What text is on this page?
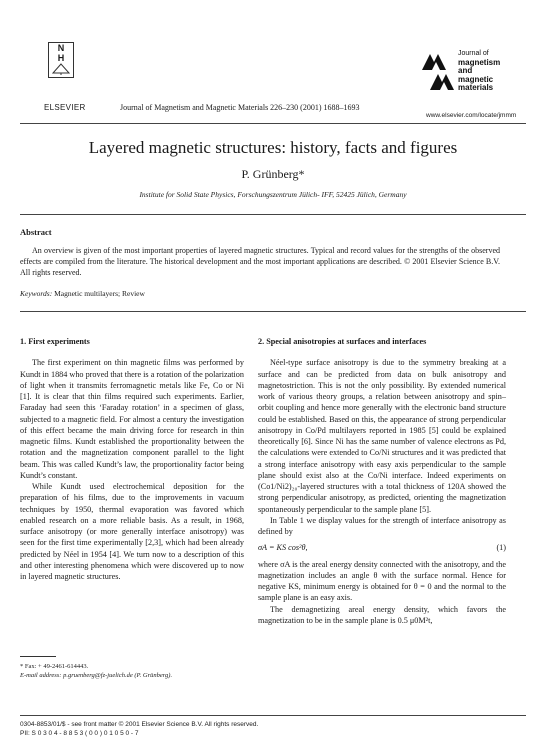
N
H
ELSEVIER	Journal of Magnetism and Magnetic Materials 226–230 (2001) 1688–1693
Journal of
magnetism
and
magnetic
materials
www.elsevier.com/locate/jmmm
Layered magnetic structures: history, facts and figures
P. Grünberg*
Institute for Solid State Physics, Forschungszentrum Jülich- IFF, 52425 Jülich, Germany
Abstract
An overview is given of the most important properties of layered magnetic structures. Typical and record values for the strengths of the observed effects are compiled from the literature. The historical development and the most important applications are described. © 2001 Elsevier Science B.V. All rights reserved.
Keywords: Magnetic multilayers; Review
1. First experiments

The first experiment on thin magnetic films was performed by Kundt in 1884 who proved that there is a rotation of the polarization of light when it transmits ferromagnetic metals like Fe, Co or Ni [1]. It is clear that thin films required such experiments. Earlier, Faraday had seen this ‘Faraday rotation’ in a specimen of glass, subjected to a magnetic field. For almost a century the investigation of this effect became the main driving force for research in thin magnetic films. Kundt established the proportionality between the rotation and the magnetization component parallel to the light beam. This was called Kundt’s law, the proportionality factor being Kundt’s constant.

While Kundt used electrochemical deposition for the preparation of his films, due to the improvements in vacuum techniques by 1950, thermal evaporation was favored which enabled research on a more reliable basis. As a result, in 1968, surface anisotropy (or more generally interface anisotropy) was seen for the first time experimentally [2,3], which had been already predicted by Néel in 1954 [4]. We turn now to a description of this and other interesting phenomena which were discovered up to now in layered magnetic structures.

2. Special anisotropies at surfaces and interfaces

Néel-type surface anisotropy is due to the symmetry breaking at a surface and can be predicted from data on bulk anisotropy and magnetostriction. This is not the only possibility. By extended numerical work of various theory groups, a relation between anisotropy and spin–orbit coupling and hence more generally with the electronic band structure could be established. Based on this, the appearance of strong perpendicular anisotropy in Co/Pd multilayers reported in 1985 [5] could be explained theoretically [6]. Since Ni has the same number of valence electrons as Pd, the calculations were extended to Co/Ni structures and it was predicted that a strong interface anisotropy with easy axis perpendicular to the sample plane should exist also at the Co/Ni interface. Indeed experiments on (Co1/Ni2)₂₀-layered structures with a total thickness of 120A showed the strong perpendicular anisotropy, as predicted, orienting the magnetization spontaneously perpendicular to the sample plane [5].

In Table 1 we display values for the strength of interface anisotropy as defined by

σA = KS cos²θ,	(1)

where σA is the areal energy density connected with the anisotropy, and the magnetization includes an angle θ with the surface normal. Hence for negative KS, minimum energy is obtained for θ = 0 and the normal to the sample plane is an easy axis.

The demagnetizing areal energy density, which favors the magnetization to be in the sample plane is 0.5 μ0M²t,

* Fax: + 49-2461-614443.
E-mail address: p.gruenberg@fz-juelich.de (P. Grünberg).
0304-8853/01/$ - see front matter © 2001 Elsevier Science B.V. All rights reserved.
PII: S 0 3 0 4 - 8 8 5 3 ( 0 0 ) 0 1 0 5 0 - 7
